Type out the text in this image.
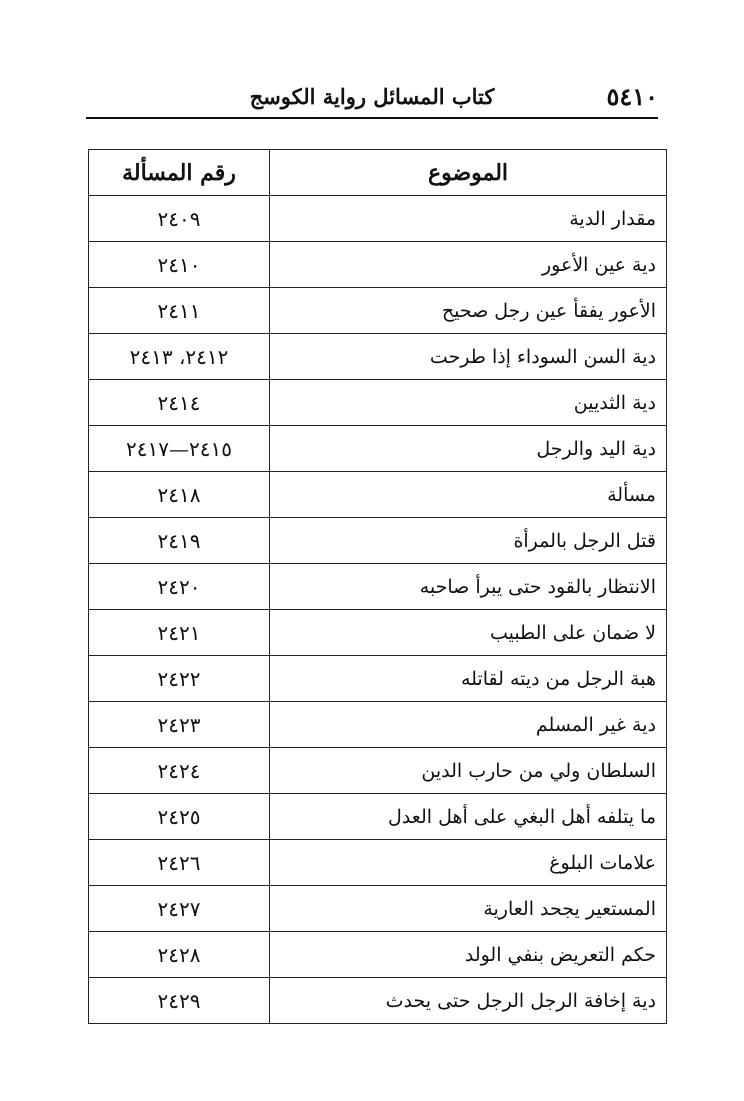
٥٤١٠
كتاب المسائل رواية الكوسج
الموضوع	رقم المسألة
مقدار الدية	٢٤٠٩
دية عين الأعور	٢٤١٠
الأعور يفقأ عين رجل صحيح	٢٤١١
دية السن السوداء إذا طرحت	٢٤١٢، ٢٤١٣
دية الثديين	٢٤١٤
دية اليد والرجل	٢٤١٥—٢٤١٧
مسألة	٢٤١٨
قتل الرجل بالمرأة	٢٤١٩
الانتظار بالقود حتى يبرأ صاحبه	٢٤٢٠
لا ضمان على الطبيب	٢٤٢١
هبة الرجل من ديته لقاتله	٢٤٢٢
دية غير المسلم	٢٤٢٣
السلطان ولي من حارب الدين	٢٤٢٤
ما يتلفه أهل البغي على أهل العدل	٢٤٢٥
علامات البلوغ	٢٤٢٦
المستعير يجحد العارية	٢٤٢٧
حكم التعريض بنفي الولد	٢٤٢٨
دية إخافة الرجل الرجل حتى يحدث	٢٤٢٩
